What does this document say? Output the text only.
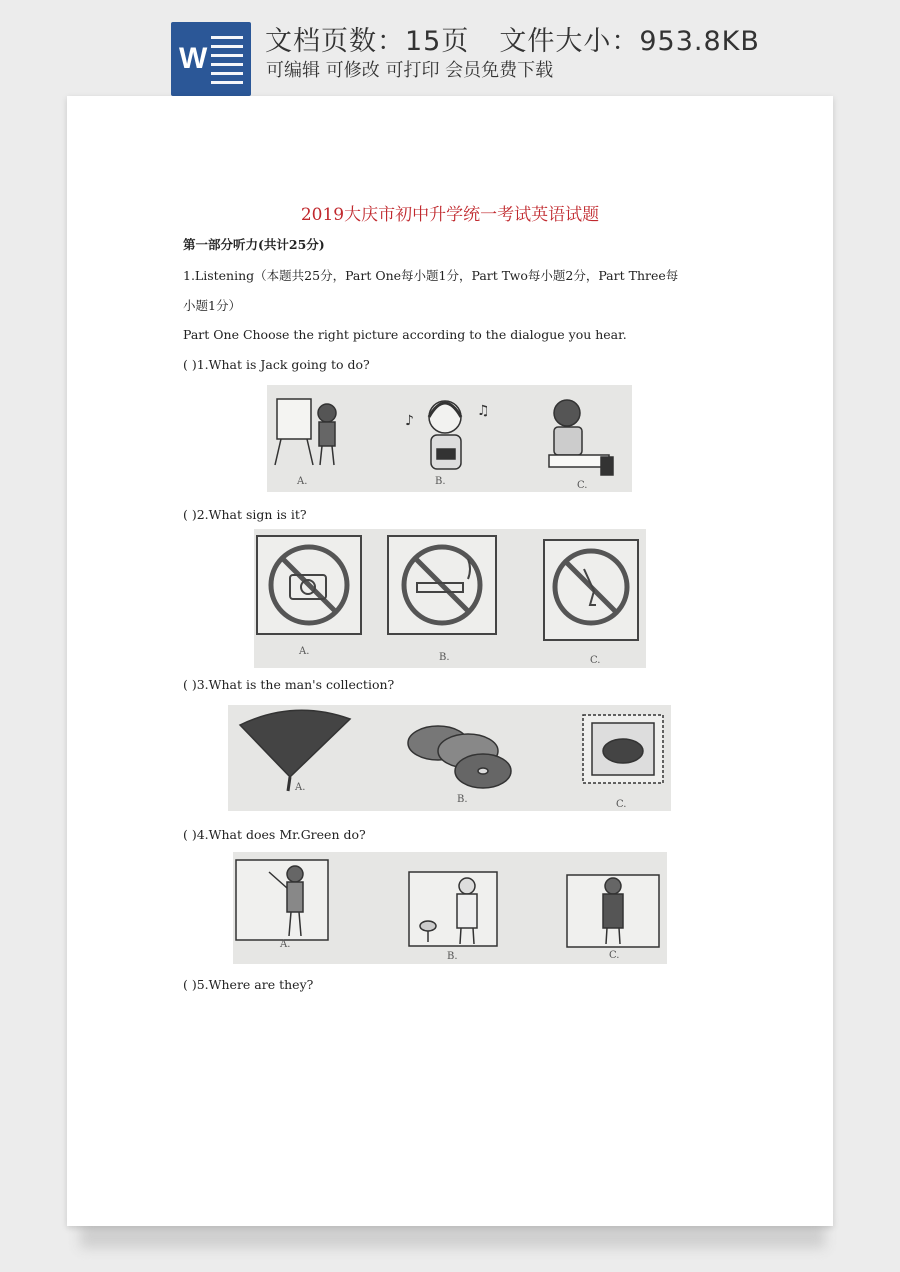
W
文档页数：15页 文件大小：953.8KB
可编辑 可修改 可打印 会员免费下载
2019大庆市初中升学统一考试英语试题
第一部分听力(共计25分)
1.Listening（本题共25分，Part One每小题1分，Part Two每小题2分，Part Three每
小题1分）
Part One Choose the right picture according to the dialogue you hear.
( )1.What is Jack going to do?
♪
♫
A.	B.	C.
( )2.What sign is it?
A.
B.	C.
( )3.What is the man's collection?
A.
B.	C.
( )4.What does Mr.Green do?
A.
B.	C.
( )5.Where are they?
